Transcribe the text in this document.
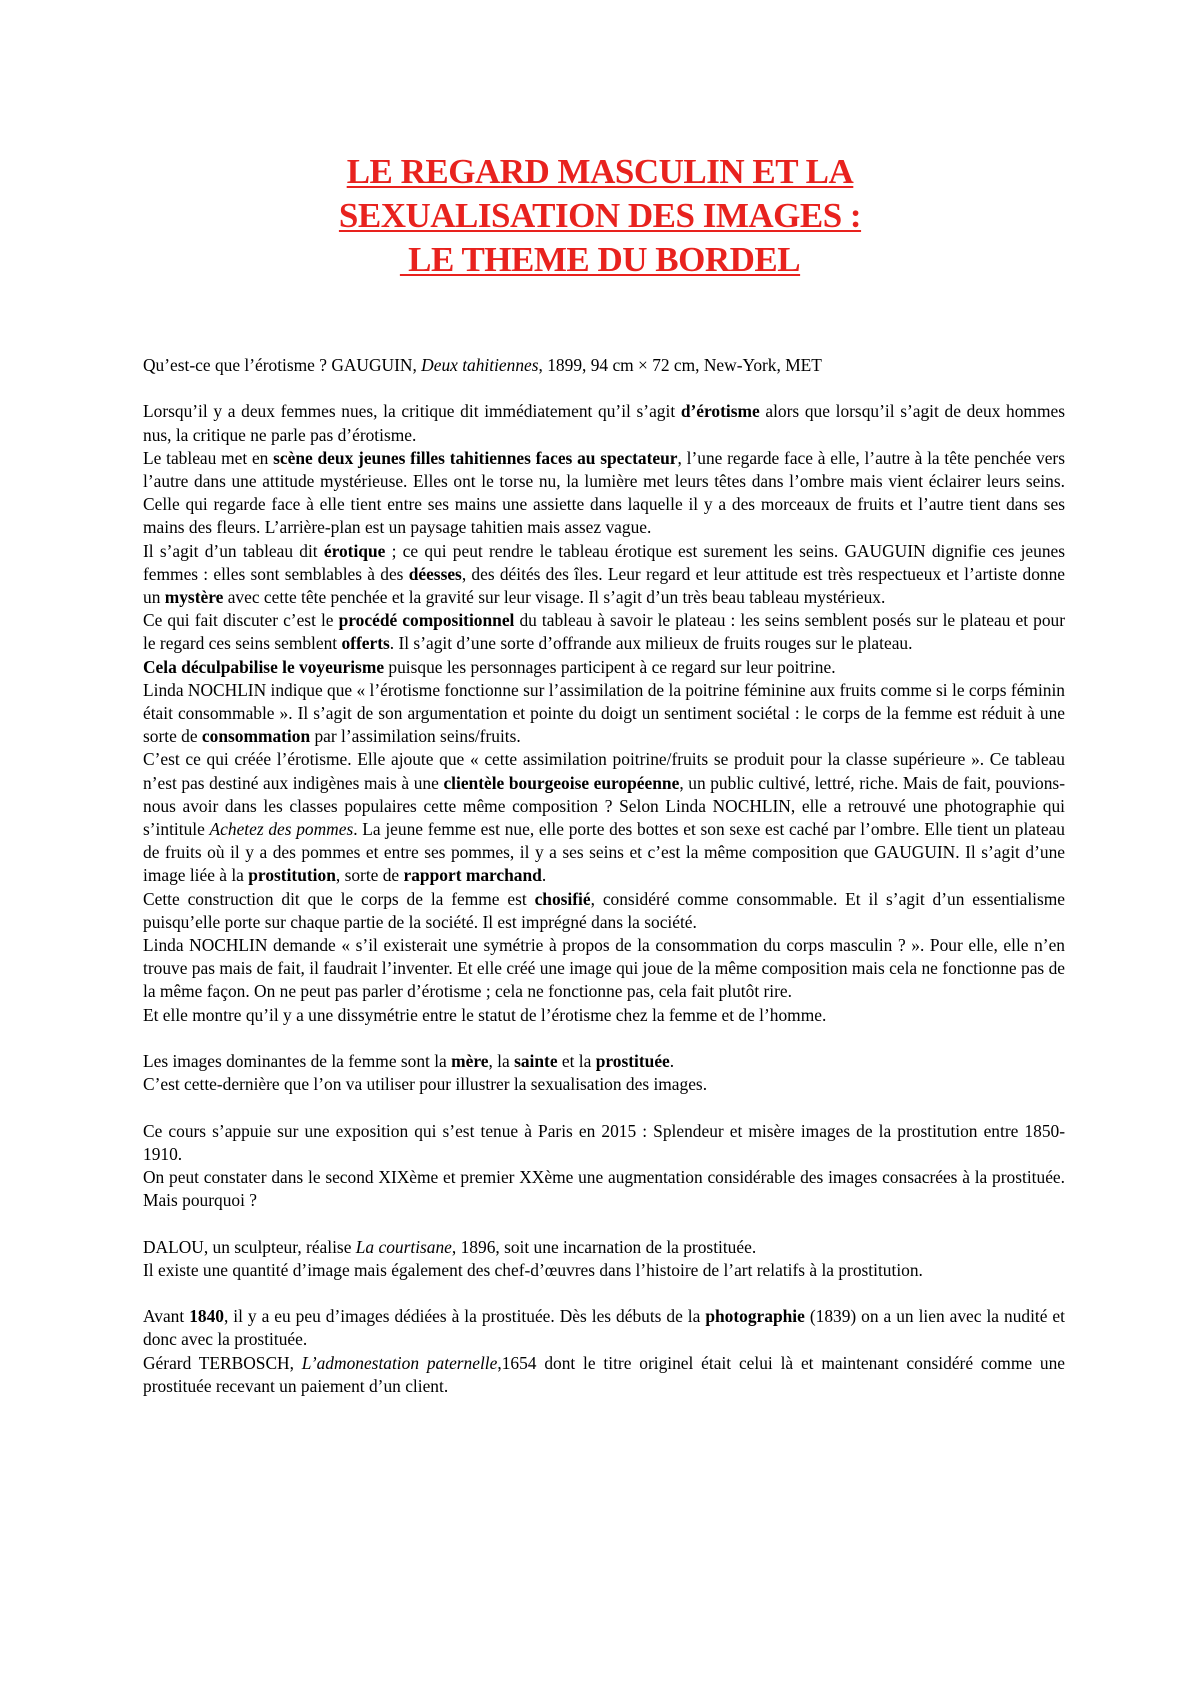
LE REGARD MASCULIN ET LA
SEXUALISATION DES IMAGES :
LE THEME DU BORDEL

Qu’est-ce que l’érotisme ? GAUGUIN, Deux tahitiennes, 1899, 94 cm × 72 cm, New-York, MET

Lorsqu’il y a deux femmes nues, la critique dit immédiatement qu’il s’agit d’érotisme alors que lorsqu’il s’agit de deux hommes nus, la critique ne parle pas d’érotisme.

Le tableau met en scène deux jeunes filles tahitiennes faces au spectateur, l’une regarde face à elle, l’autre à la tête penchée vers l’autre dans une attitude mystérieuse. Elles ont le torse nu, la lumière met leurs têtes dans l’ombre mais vient éclairer leurs seins. Celle qui regarde face à elle tient entre ses mains une assiette dans laquelle il y a des morceaux de fruits et l’autre tient dans ses mains des fleurs. L’arrière-plan est un paysage tahitien mais assez vague.

Il s’agit d’un tableau dit érotique ; ce qui peut rendre le tableau érotique est surement les seins. GAUGUIN dignifie ces jeunes femmes : elles sont semblables à des déesses, des déités des îles. Leur regard et leur attitude est très respectueux et l’artiste donne un mystère avec cette tête penchée et la gravité sur leur visage. Il s’agit d’un très beau tableau mystérieux.

Ce qui fait discuter c’est le procédé compositionnel du tableau à savoir le plateau : les seins semblent posés sur le plateau et pour le regard ces seins semblent offerts. Il s’agit d’une sorte d’offrande aux milieux de fruits rouges sur le plateau.

Cela déculpabilise le voyeurisme puisque les personnages participent à ce regard sur leur poitrine.

Linda NOCHLIN indique que « l’érotisme fonctionne sur l’assimilation de la poitrine féminine aux fruits comme si le corps féminin était consommable ». Il s’agit de son argumentation et pointe du doigt un sentiment sociétal : le corps de la femme est réduit à une sorte de consommation par l’assimilation seins/fruits.

C’est ce qui créée l’érotisme. Elle ajoute que « cette assimilation poitrine/fruits se produit pour la classe supérieure ». Ce tableau n’est pas destiné aux indigènes mais à une clientèle bourgeoise européenne, un public cultivé, lettré, riche. Mais de fait, pouvions-nous avoir dans les classes populaires cette même composition ? Selon Linda NOCHLIN, elle a retrouvé une photographie qui s’intitule Achetez des pommes. La jeune femme est nue, elle porte des bottes et son sexe est caché par l’ombre. Elle tient un plateau de fruits où il y a des pommes et entre ses pommes, il y a ses seins et c’est la même composition que GAUGUIN. Il s’agit d’une image liée à la prostitution, sorte de rapport marchand.

Cette construction dit que le corps de la femme est chosifié, considéré comme consommable. Et il s’agit d’un essentialisme puisqu’elle porte sur chaque partie de la société. Il est imprégné dans la société.

Linda NOCHLIN demande « s’il existerait une symétrie à propos de la consommation du corps masculin ? ». Pour elle, elle n’en trouve pas mais de fait, il faudrait l’inventer. Et elle créé une image qui joue de la même composition mais cela ne fonctionne pas de la même façon. On ne peut pas parler d’érotisme ; cela ne fonctionne pas, cela fait plutôt rire.

Et elle montre qu’il y a une dissymétrie entre le statut de l’érotisme chez la femme et de l’homme.

Les images dominantes de la femme sont la mère, la sainte et la prostituée.

C’est cette-dernière que l’on va utiliser pour illustrer la sexualisation des images.

Ce cours s’appuie sur une exposition qui s’est tenue à Paris en 2015 : Splendeur et misère images de la prostitution entre 1850-1910.

On peut constater dans le second XIXème et premier XXème une augmentation considérable des images consacrées à la prostituée. Mais pourquoi ?

DALOU, un sculpteur, réalise La courtisane, 1896, soit une incarnation de la prostituée.

Il existe une quantité d’image mais également des chef-d’œuvres dans l’histoire de l’art relatifs à la prostitution.

Avant 1840, il y a eu peu d’images dédiées à la prostituée. Dès les débuts de la photographie (1839) on a un lien avec la nudité et donc avec la prostituée.

Gérard TERBOSCH, L’admonestation paternelle,1654 dont le titre originel était celui là et maintenant considéré comme une prostituée recevant un paiement d’un client.
